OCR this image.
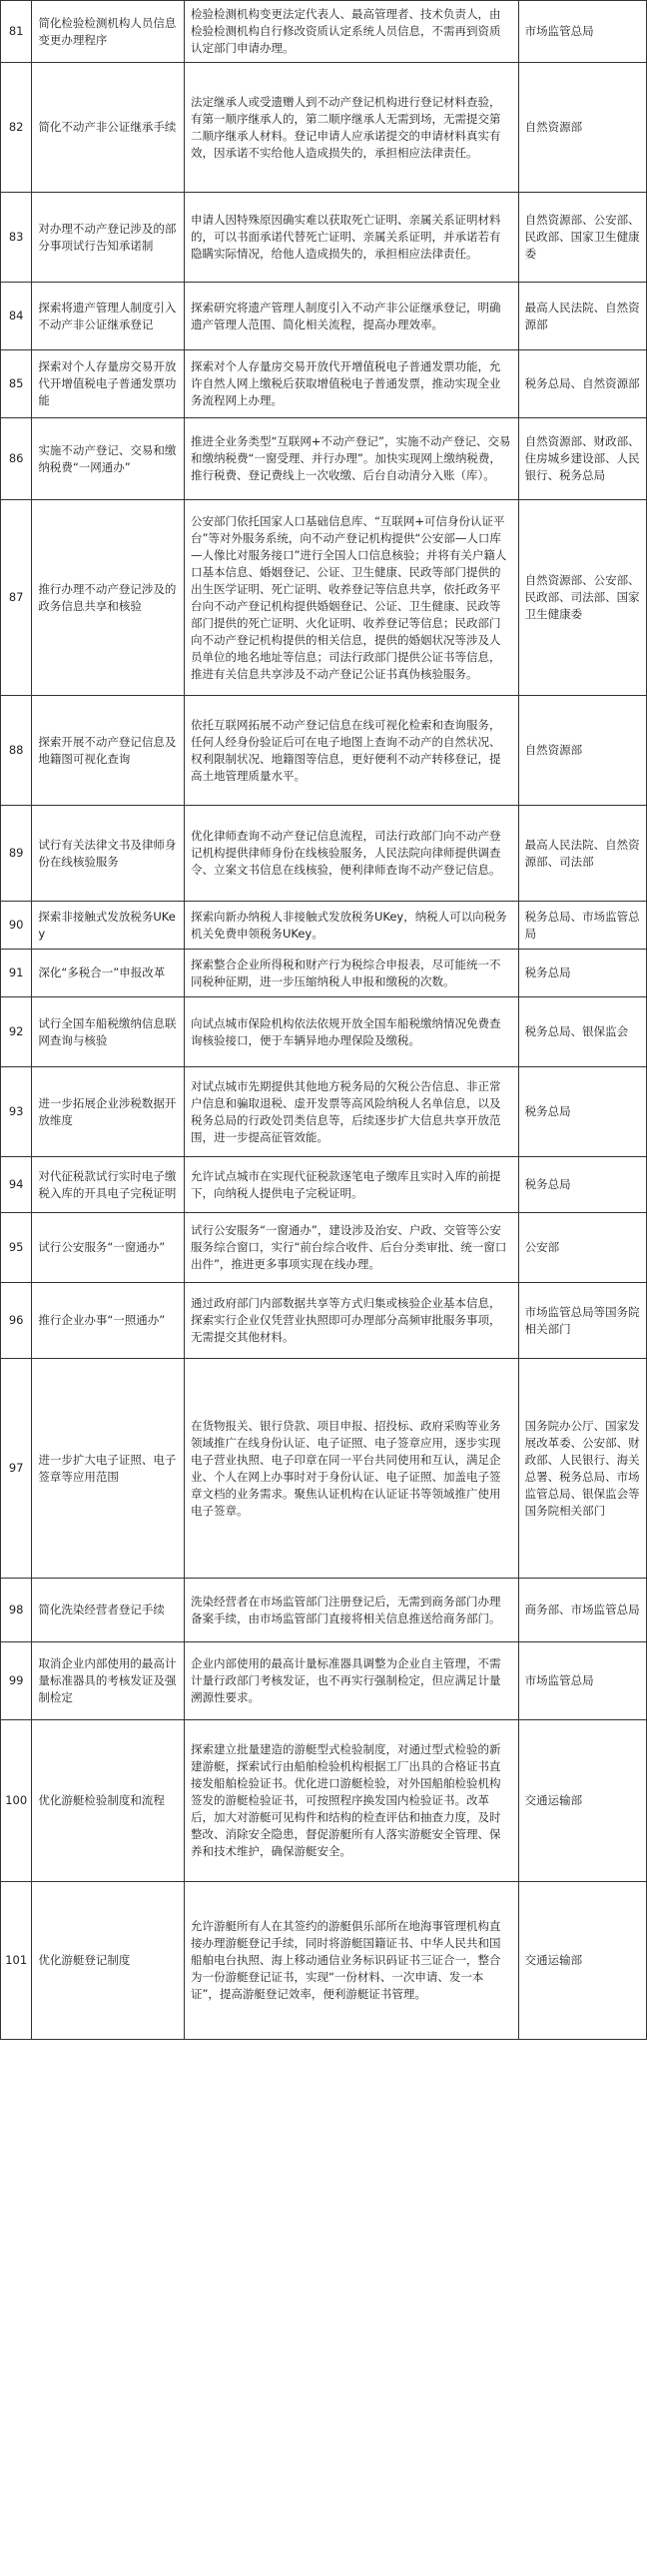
81	简化检验检测机构人员信息变更办理程序	检验检测机构变更法定代表人、最高管理者、技术负责人，由检验检测机构自行修改资质认定系统人员信息，不需再到资质认定部门申请办理。	市场监管总局
82	简化不动产非公证继承手续	法定继承人或受遗赠人到不动产登记机构进行登记材料查验，有第一顺序继承人的，第二顺序继承人无需到场，无需提交第二顺序继承人材料。登记申请人应承诺提交的申请材料真实有效，因承诺不实给他人造成损失的，承担相应法律责任。	自然资源部
83	对办理不动产登记涉及的部分事项试行告知承诺制	申请人因特殊原因确实难以获取死亡证明、亲属关系证明材料的，可以书面承诺代替死亡证明、亲属关系证明，并承诺若有隐瞒实际情况，给他人造成损失的，承担相应法律责任。	自然资源部、公安部、民政部、国家卫生健康委
84	探索将遗产管理人制度引入不动产非公证继承登记	探索研究将遗产管理人制度引入不动产非公证继承登记，明确遗产管理人范围、简化相关流程，提高办理效率。	最高人民法院、自然资源部
85	探索对个人存量房交易开放代开增值税电子普通发票功能	探索对个人存量房交易开放代开增值税电子普通发票功能，允许自然人网上缴税后获取增值税电子普通发票，推动实现全业务流程网上办理。	税务总局、自然资源部
86	实施不动产登记、交易和缴纳税费“一网通办”	推进全业务类型“互联网+不动产登记”，实施不动产登记、交易和缴纳税费“一窗受理、并行办理”。加快实现网上缴纳税费，推行税费、登记费线上一次收缴、后台自动清分入账（库）。	自然资源部、财政部、住房城乡建设部、人民银行、税务总局
87	推行办理不动产登记涉及的政务信息共享和核验	公安部门依托国家人口基础信息库、“互联网+可信身份认证平台”等对外服务系统，向不动产登记机构提供“公安部—人口库—人像比对服务接口”进行全国人口信息核验；并将有关户籍人口基本信息、婚姻登记、公证、卫生健康、民政等部门提供的出生医学证明、死亡证明、收养登记等信息共享，依托政务平台向不动产登记机构提供婚姻登记、公证、卫生健康、民政等部门提供的死亡证明、火化证明、收养登记等信息；民政部门向不动产登记机构提供的相关信息，提供的婚姻状况等涉及人员单位的地名地址等信息；司法行政部门提供公证书等信息，推进有关信息共享涉及不动产登记公证书真伪核验服务。	自然资源部、公安部、民政部、司法部、国家卫生健康委
88	探索开展不动产登记信息及地籍图可视化查询	依托互联网拓展不动产登记信息在线可视化检索和查询服务，任何人经身份验证后可在电子地图上查询不动产的自然状况、权利限制状况、地籍图等信息，更好便利不动产转移登记，提高土地管理质量水平。	自然资源部
89	试行有关法律文书及律师身份在线核验服务	优化律师查询不动产登记信息流程，司法行政部门向不动产登记机构提供律师身份在线核验服务，人民法院向律师提供调查令、立案文书信息在线核验，便利律师查询不动产登记信息。	最高人民法院、自然资源部、司法部
90	探索非接触式发放税务UKey	探索向新办纳税人非接触式发放税务UKey，纳税人可以向税务机关免费申领税务UKey。	税务总局、市场监管总局
91	深化“多税合一”申报改革	探索整合企业所得税和财产行为税综合申报表，尽可能统一不同税种征期，进一步压缩纳税人申报和缴税的次数。	税务总局
92	试行全国车船税缴纳信息联网查询与核验	向试点城市保险机构依法依规开放全国车船税缴纳情况免费查询核验接口，便于车辆异地办理保险及缴税。	税务总局、银保监会
93	进一步拓展企业涉税数据开放维度	对试点城市先期提供其他地方税务局的欠税公告信息、非正常户信息和骗取退税、虚开发票等高风险纳税人名单信息，以及税务总局的行政处罚类信息等，后续逐步扩大信息共享开放范围，进一步提高征管效能。	税务总局
94	对代征税款试行实时电子缴税入库的开具电子完税证明	允许试点城市在实现代征税款逐笔电子缴库且实时入库的前提下，向纳税人提供电子完税证明。	税务总局
95	试行公安服务“一窗通办”	试行公安服务“一窗通办”，建设涉及治安、户政、交管等公安服务综合窗口，实行“前台综合收件、后台分类审批、统一窗口出件”，推进更多事项实现在线办理。	公安部
96	推行企业办事“一照通办”	通过政府部门内部数据共享等方式归集或核验企业基本信息，探索实行企业仅凭营业执照即可办理部分高频审批服务事项，无需提交其他材料。	市场监管总局等国务院相关部门
97	进一步扩大电子证照、电子签章等应用范围	在货物报关、银行贷款、项目申报、招投标、政府采购等业务领域推广在线身份认证、电子证照、电子签章应用，逐步实现电子营业执照、电子印章在同一平台共同使用和互认，满足企业、个人在网上办事时对于身份认证、电子证照、加盖电子签章文档的业务需求。聚焦认证机构在认证证书等领域推广使用电子签章。	国务院办公厅、国家发展改革委、公安部、财政部、人民银行、海关总署、税务总局、市场监管总局、银保监会等国务院相关部门
98	简化洗染经营者登记手续	洗染经营者在市场监管部门注册登记后，无需到商务部门办理备案手续，由市场监管部门直接将相关信息推送给商务部门。	商务部、市场监管总局
99	取消企业内部使用的最高计量标准器具的考核发证及强制检定	企业内部使用的最高计量标准器具调整为企业自主管理，不需计量行政部门考核发证，也不再实行强制检定，但应满足计量溯源性要求。	市场监管总局
100	优化游艇检验制度和流程	探索建立批量建造的游艇型式检验制度，对通过型式检验的新建游艇，探索试行由船舶检验机构根据工厂出具的合格证书直接发船舶检验证书。优化进口游艇检验，对外国船舶检验机构签发的游艇检验证书，可按照程序换发国内检验证书。改革后，加大对游艇可见构件和结构的检查评估和抽查力度，及时整改、消除安全隐患，督促游艇所有人落实游艇安全管理、保养和技术维护，确保游艇安全。	交通运输部
101	优化游艇登记制度	允许游艇所有人在其签约的游艇俱乐部所在地海事管理机构直接办理游艇登记手续，同时将游艇国籍证书、中华人民共和国船舶电台执照、海上移动通信业务标识码证书三证合一，整合为一份游艇登记证书，实现“一份材料、一次申请、发一本证”，提高游艇登记效率，便利游艇证书管理。	交通运输部
